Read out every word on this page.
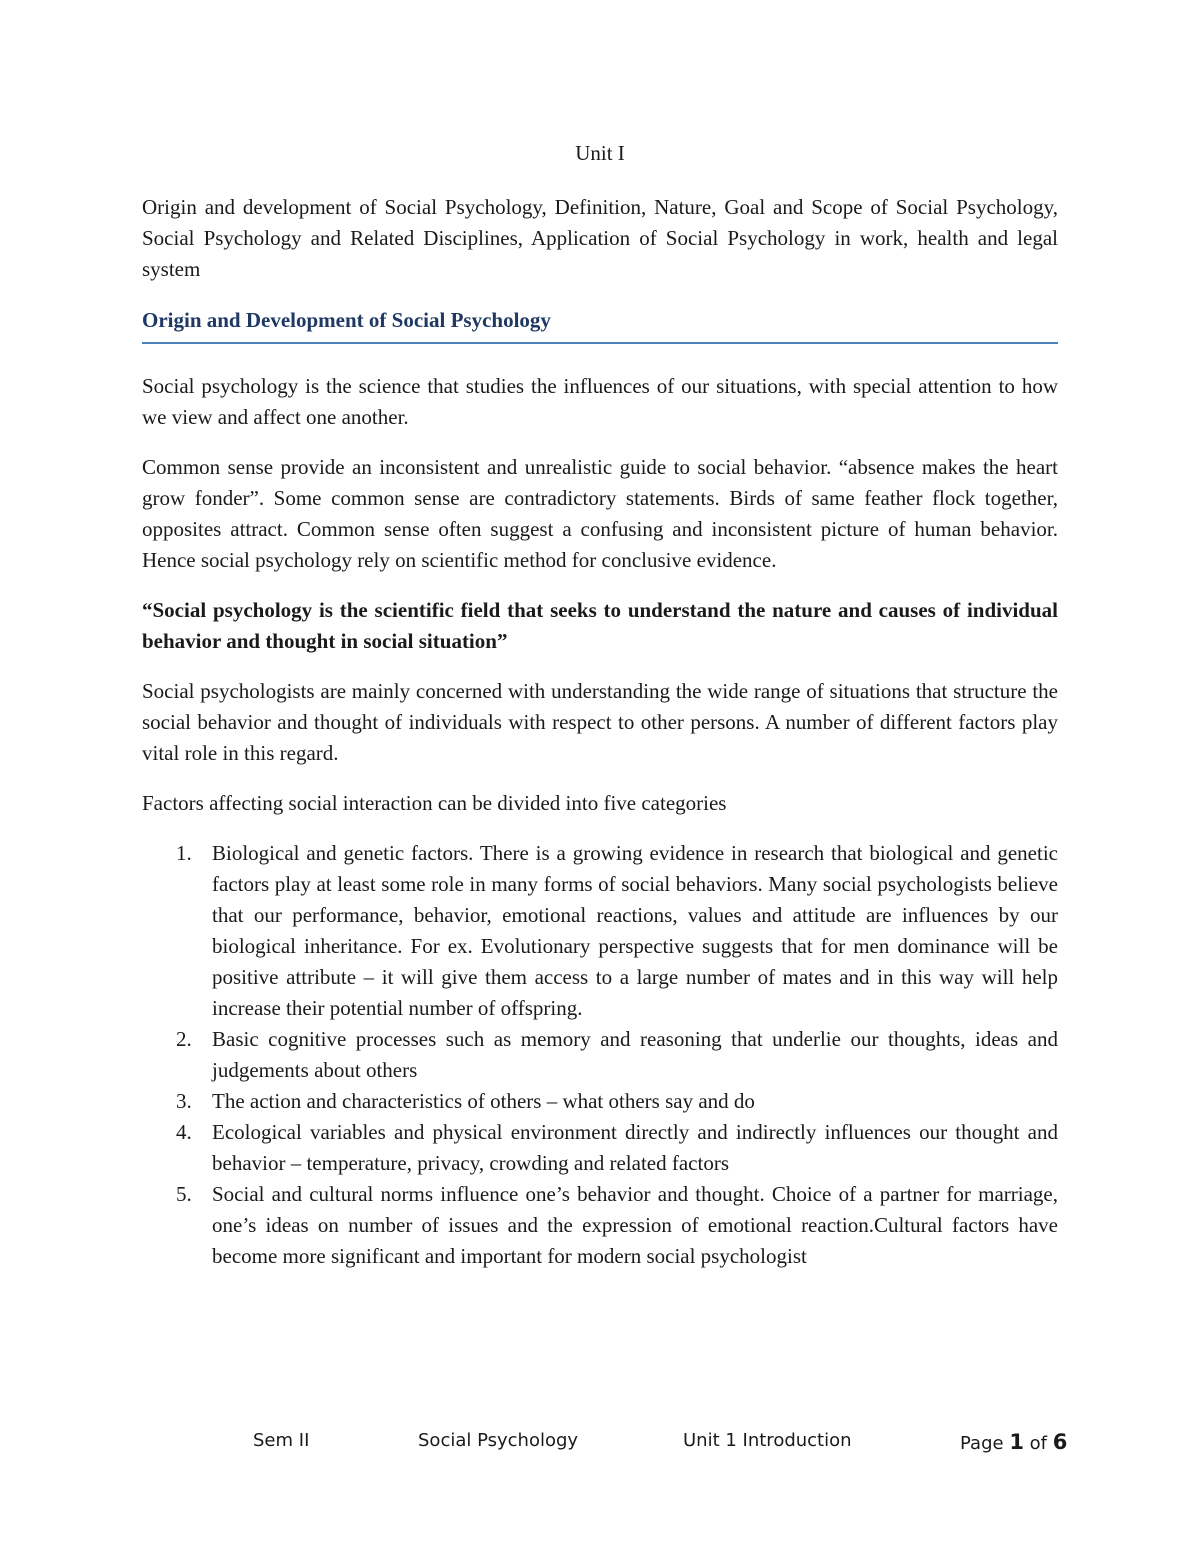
Unit I

Origin and development of Social Psychology, Definition, Nature, Goal and Scope of Social Psychology, Social Psychology and Related Disciplines, Application of Social Psychology in work, health and legal system

Origin and Development of Social Psychology

Social psychology is the science that studies the influences of our situations, with special attention to how we view and affect one another.

Common sense provide an inconsistent and unrealistic guide to social behavior. “absence makes the heart grow fonder”. Some common sense are contradictory statements. Birds of same feather flock together, opposites attract. Common sense often suggest a confusing and inconsistent picture of human behavior. Hence social psychology rely on scientific method for conclusive evidence.

“Social psychology is the scientific field that seeks to understand the nature and causes of individual behavior and thought in social situation”

Social psychologists are mainly concerned with understanding the wide range of situations that structure the social behavior and thought of individuals with respect to other persons. A number of different factors play vital role in this regard.

Factors affecting social interaction can be divided into five categories

1. Biological and genetic factors. There is a growing evidence in research that biological and genetic factors play at least some role in many forms of social behaviors. Many social psychologists believe that our performance, behavior, emotional reactions, values and attitude are influences by our biological inheritance. For ex. Evolutionary perspective suggests that for men dominance will be positive attribute – it will give them access to a large number of mates and in this way will help increase their potential number of offspring.
2. Basic cognitive processes such as memory and reasoning that underlie our thoughts, ideas and judgements about others
3. The action and characteristics of others – what others say and do
4. Ecological variables and physical environment directly and indirectly influences our thought and behavior – temperature, privacy, crowding and related factors
5. Social and cultural norms influence one’s behavior and thought. Choice of a partner for marriage, one’s ideas on number of issues and the expression of emotional reaction.Cultural factors have become more significant and important for modern social psychologist
Sem II	Social Psychology	Unit 1 Introduction	Page 1 of 6
